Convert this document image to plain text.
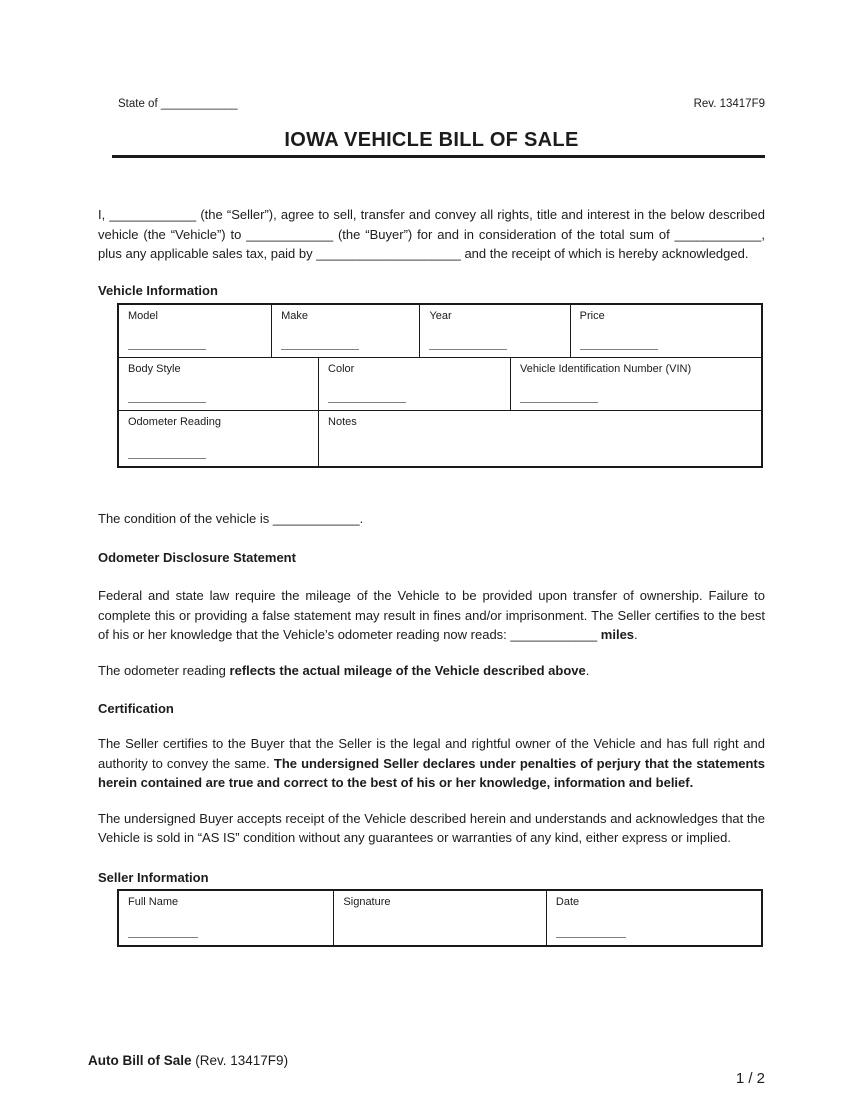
State of ____________	Rev. 13417F9
IOWA VEHICLE BILL OF SALE
I, ____________ (the “Seller”), agree to sell, transfer and convey all rights, title and interest in the below described vehicle (the “Vehicle”) to ____________ (the “Buyer”) for and in consideration of the total sum of ____________, plus any applicable sales tax, paid by ____________________ and the receipt of which is hereby acknowledged.
Vehicle Information
Model	Make	Year	Price
Body Style	Color	Vehicle Identification Number (VIN)
Odometer Reading	Notes
The condition of the vehicle is ____________.
Odometer Disclosure Statement
Federal and state law require the mileage of the Vehicle to be provided upon transfer of ownership. Failure to complete this or providing a false statement may result in fines and/or imprisonment. The Seller certifies to the best of his or her knowledge that the Vehicle’s odometer reading now reads: ____________ miles.
The odometer reading reflects the actual mileage of the Vehicle described above.
Certification
The Seller certifies to the Buyer that the Seller is the legal and rightful owner of the Vehicle and has full right and authority to convey the same. The undersigned Seller declares under penalties of perjury that the statements herein contained are true and correct to the best of his or her knowledge, information and belief.
The undersigned Buyer accepts receipt of the Vehicle described herein and understands and acknowledges that the Vehicle is sold in “AS IS” condition without any guarantees or warranties of any kind, either express or implied.
Seller Information
Full Name	Signature	Date
Auto Bill of Sale (Rev. 13417F9)
1 / 2
